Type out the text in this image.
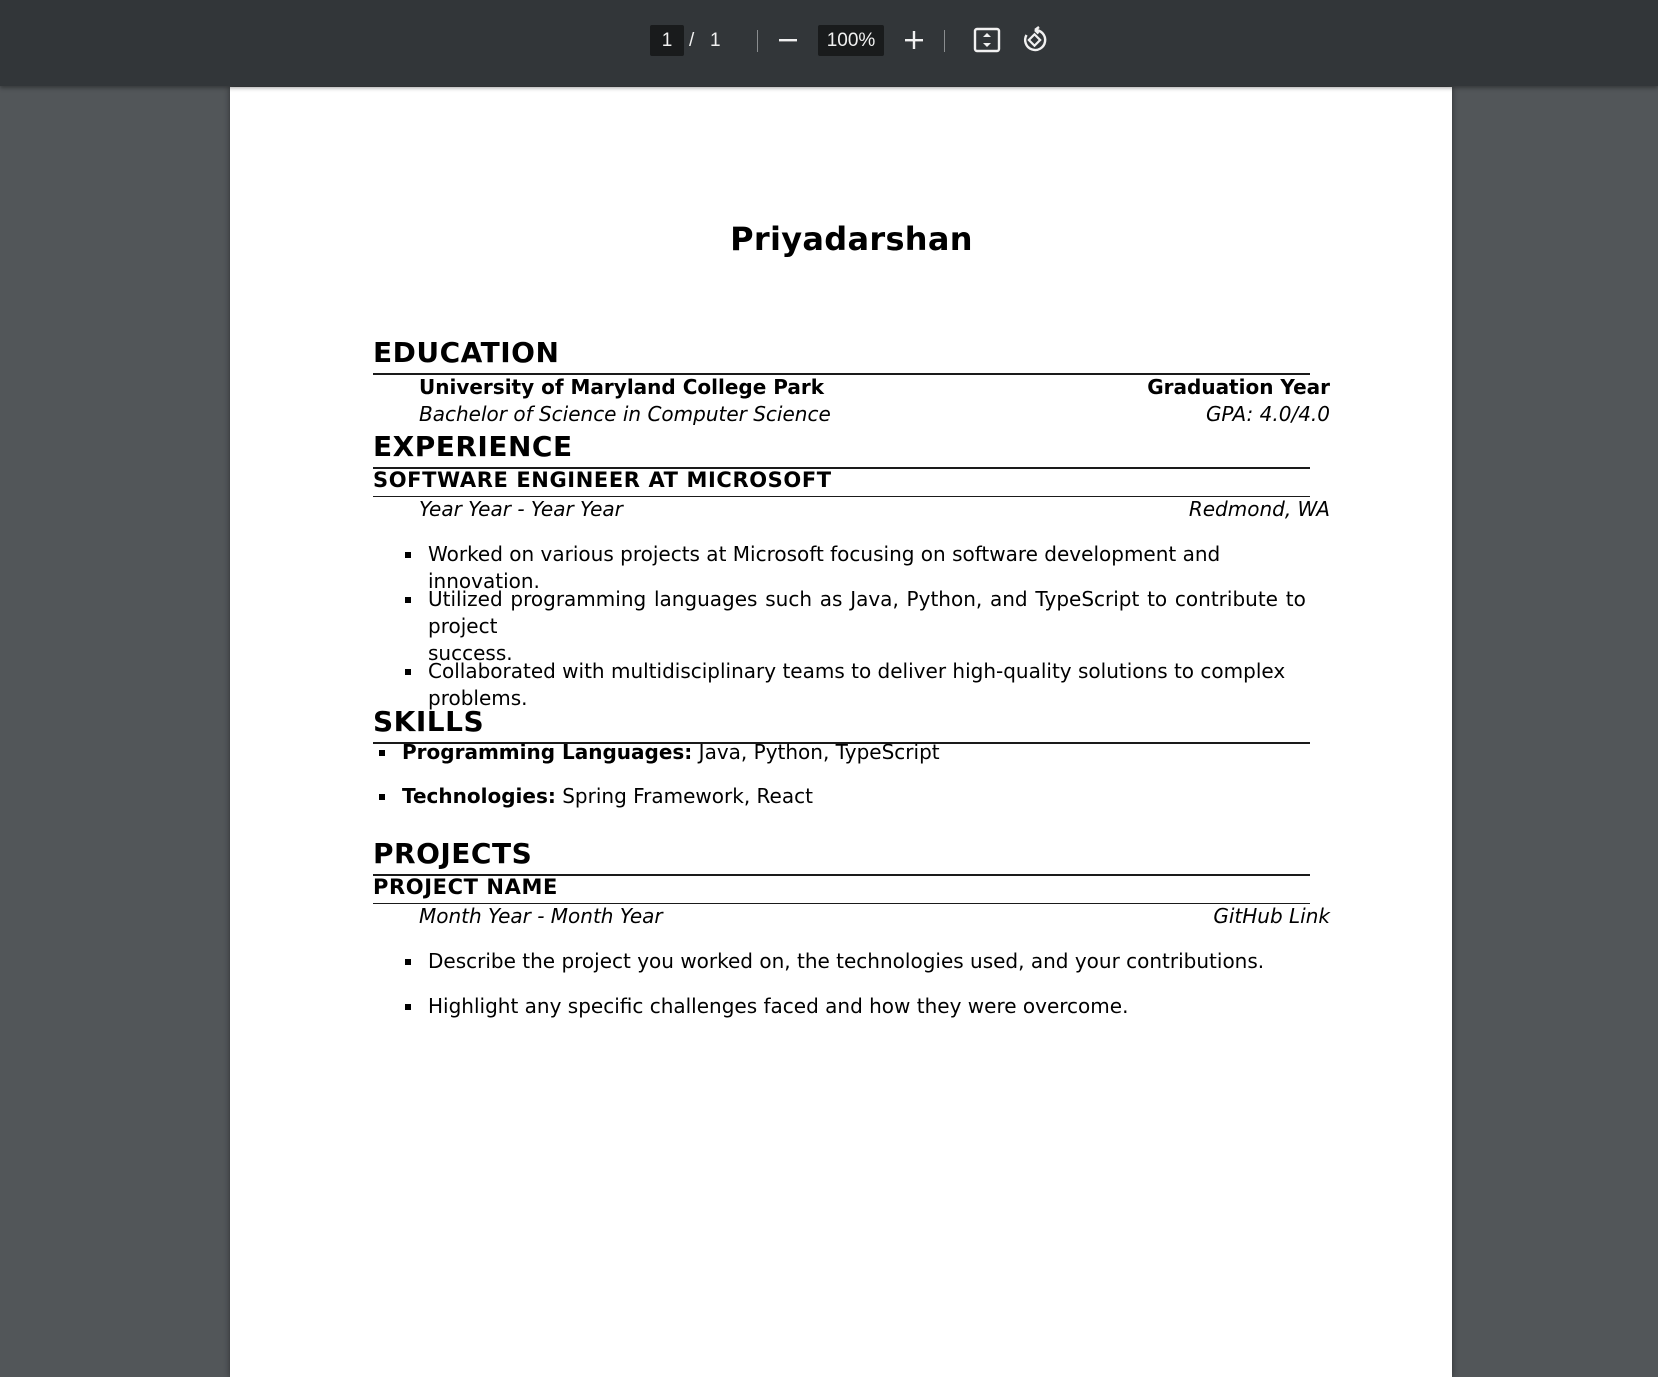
1 / 1	100%
Priyadarshan
EDUCATION
University of Maryland College Park	Graduation Year
Bachelor of Science in Computer Science	GPA: 4.0/4.0
EXPERIENCE
SOFTWARE ENGINEER AT MICROSOFT
Year Year - Year Year	Redmond, WA
Worked on various projects at Microsoft focusing on software development and innovation.
Utilized programming languages such as Java, Python, and TypeScript to contribute to project
success.
Collaborated with multidisciplinary teams to deliver high-quality solutions to complex problems.
SKILLS
Programming Languages: Java, Python, TypeScript
Technologies: Spring Framework, React
PROJECTS
PROJECT NAME
Month Year - Month Year	GitHub Link
Describe the project you worked on, the technologies used, and your contributions.
Highlight any specific challenges faced and how they were overcome.
